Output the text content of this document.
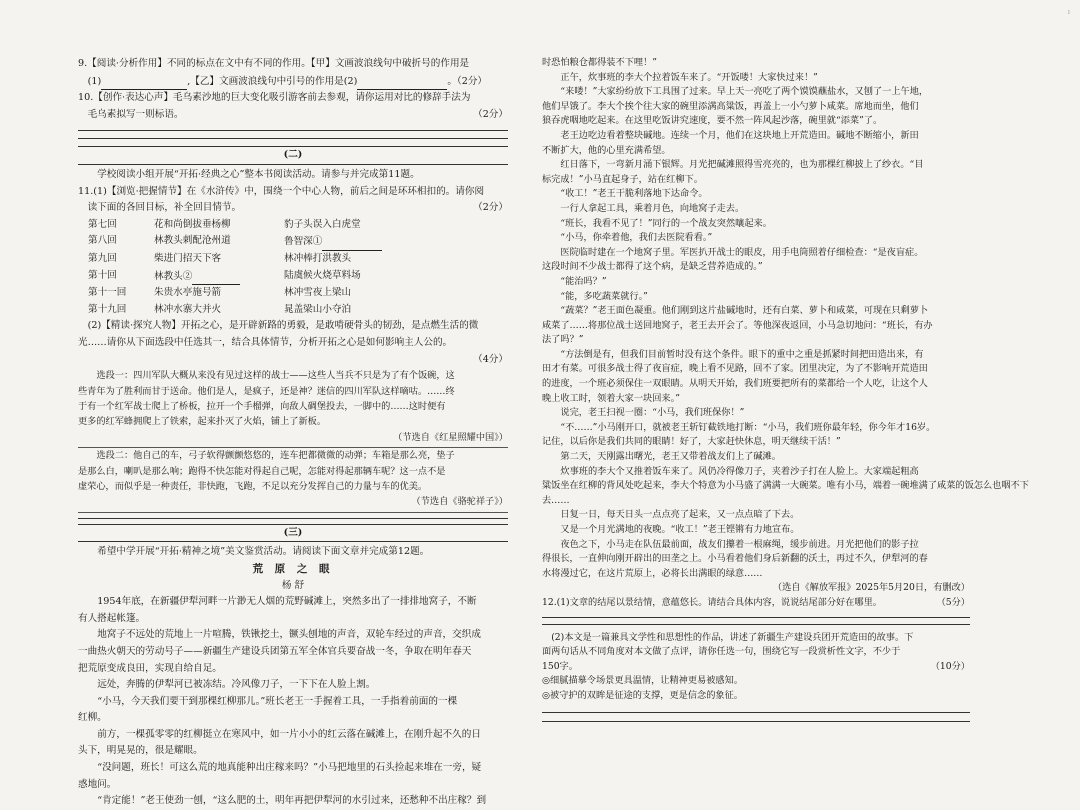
ı
9.【阅读·分析作用】不同的标点在文中有不同的作用。【甲】文画波浪线句中破折号的作用是
(1)	,【乙】文画波浪线句中引号的作用是(2)	。（2分）
10.【创作·表达心声】毛乌素沙地的巨大变化吸引游客前去参观，请你运用对比的修辞手法为
毛乌素拟写一则标语。	（2分）
(二)
学校阅读小组开展“开拓·经典之心”整本书阅读活动。请参与并完成第11题。
11.(1)【浏览·把握情节】在《水浒传》中，围绕一个中心人物，前后之间是环环相扣的。请你阅
读下面的各回目标，补全回目情节。	（2分）
第七回	花和尚倒拔垂杨柳	豹子头误入白虎堂
第八回	林教头刺配沧州道	鲁智深①
第九回	柴进门招天下客	林冲棒打洪教头
第十回	林教头②	陆虞候火烧草料场
第十一回	朱贵水亭施号箭	林冲雪夜上梁山
第十九回	林冲水寨大并火	晁盖梁山小夺泊
(2)【精读·探究人物】开拓之心，是开辟新路的勇毅，是敢啃硬骨头的韧劲，是点燃生活的微
光……请你从下面选段中任选其一，结合具体情节，分析开拓之心是如何影响主人公的。
（4分）
选段一：四川军队大概从来没有见过这样的战士——这些人当兵不只是为了有个饭碗，这
些青年为了胜利而甘于送命。他们是人，是疯子，还是神？迷信的四川军队这样嘀咕。……终
于有一个红军战士爬上了桥板，拉开一个手榴弹，向敌人碉堡投去，一脚中的……这时便有
更多的红军蜂拥爬上了铁索，起来扑灭了火焰，铺上了新板。
（节选自《红星照耀中国》）
选段二：他自己的车，弓子软得颤颤悠悠的，连车把都微微的动弹；车箱是那么亮，垫子
是那么白，喇叭是那么响；跑得不快怎能对得起自己呢，怎能对得起那辆车呢？这一点不是
虚荣心，而似乎是一种责任，非快跑，飞跑，不足以充分发挥自己的力量与车的优美。
（节选自《骆驼祥子》）
(三)
希望中学开展“开拓·精神之境”美文鉴赏活动。请阅读下面文章并完成第12题。
荒 原 之 眼
杨 舒
1954年底，在新疆伊犁河畔一片渺无人烟的荒野碱滩上，突然多出了一排排地窝子，不断
有人搭起帐篷。
地窝子不远处的荒地上一片喧腾，铁锹挖土，镢头刨地的声音，双轮车经过的声音，交织成
一曲热火朝天的劳动号子——新疆生产建设兵团第五军全体官兵要奋战一冬，争取在明年春天
把荒原变成良田，实现自给自足。
远处，奔腾的伊犁河已被冻结。冷风像刀子，一下下在人脸上割。
“小马，今天我们要干到那棵红柳那儿。”班长老王一手握着工具，一手指着前面的一棵
红柳。
前方，一棵孤零零的红柳挺立在寒风中，如一片小小的红云落在碱滩上，在刚升起不久的日
头下，明晃晃的，很是耀眼。
“没问题，班长！可这么荒的地真能种出庄稼来吗？”小马把地里的石头捡起来堆在一旁，疑
惑地问。
“肯定能！”老王使劲一刨，“这么肥的土，明年再把伊犁河的水引过来，还愁种不出庄稼？到
时恐怕粮仓都得装不下哩！”
正午，炊事班的李大个拉着饭车来了。“开饭喽！大家快过来！”
“来喽！”大家纷纷放下工具围了过来。早上天一亮吃了两个馍馍蘸盐水，又刨了一上午地，
他们早饿了。李大个挨个往大家的碗里添满高粱饭，再盖上一小勺萝卜咸菜。席地而坐，他们
狼吞虎咽地吃起来。在这里吃饭讲究速度，要不然一阵风起沙落，碗里就“添菜”了。
老王边吃边看着整块碱地。连续一个月，他们在这块地上开荒造田。碱地不断缩小，新田
不断扩大，他的心里充满希望。
红日落下，一弯新月涌下银辉。月光把碱滩照得雪亮亮的，也为那棵红柳披上了纱衣。“目
标完成！”小马直起身子，站在红柳下。
“收工！”老王干脆利落地下达命令。
一行人拿起工具，乘着月色，向地窝子走去。
“班长，我看不见了！”同行的一个战友突然嚷起来。
“小马，你牵着他，我们去医院看看。”
医院临时建在一个地窝子里。军医扒开战士的眼皮，用手电筒照着仔细检查：“是夜盲症。
这段时间不少战士都得了这个病，是缺乏营养造成的。”
“能治吗？”
“能，多吃蔬菜就行。”
“蔬菜？”老王面色凝重。他们刚到这片盐碱地时，还有白菜、萝卜和咸菜，可现在只剩萝卜
咸菜了……将那位战士送回地窝子，老王去开会了。等他深夜返回，小马急切地问：“班长，有办
法了吗？”
“方法倒是有，但我们目前暂时没有这个条件。眼下的重中之重是抓紧时间把田造出来，有
田才有菜。可很多战士得了夜盲症，晚上看不见路，回不了家。团里决定，为了不影响开荒造田
的进度，一个班必须保住一双眼睛。从明天开始，我们班要把所有的菜都给一个人吃，让这个人
晚上收工时，领着大家一块回来。”
说完，老王扫视一圈：“小马，我们班保你！”
“不……”小马刚开口，就被老王斩钉截铁地打断：“小马，我们班你最年轻，你今年才16岁。
记住，以后你是我们共同的眼睛！好了，大家赶快休息，明天继续干活！”
第二天，天刚露出曙光，老王又带着战友们上了碱滩。
炊事班的李大个又推着饭车来了。风仍冷得像刀子，夹着沙子打在人脸上。大家端起粗高
粱饭坐在红柳的背风处吃起来，李大个特意为小马盛了满满一大碗菜。唯有小马，端着一碗堆满了咸菜的饭怎么也咽不下
去……
日复一日，每天日头一点点亮了起来，又一点点暗了下去。
又是一个月光满地的夜晚。“收工！”老王铿锵有力地宣布。
夜色之下，小马走在队伍最前面，战友们攥着一根麻绳，缓步前进。月光把他们的影子拉
得很长，一直伸向刚开辟出的田垄之上。小马看着他们身后新翻的沃土，再过不久，伊犁河的春
水将漫过它，在这片荒原上，必将长出满眼的绿意……
（选自《解放军报》2025年5月20日，有删改）
12.(1)文章的结尾以景结情，意蕴悠长。请结合具体内容，说说结尾部分好在哪里。	（5分）
(2)本文是一篇兼具文学性和思想性的作品，讲述了新疆生产建设兵团开荒造田的故事。下
面两句话从不同角度对本文做了点评，请你任选一句，围绕它写一段赏析性文字，不少于
150字。	（10分）
◎细腻描摹令场景更具温情，让精神更易被感知。
◎被守护的双眸是征途的支撑，更是信念的象征。
